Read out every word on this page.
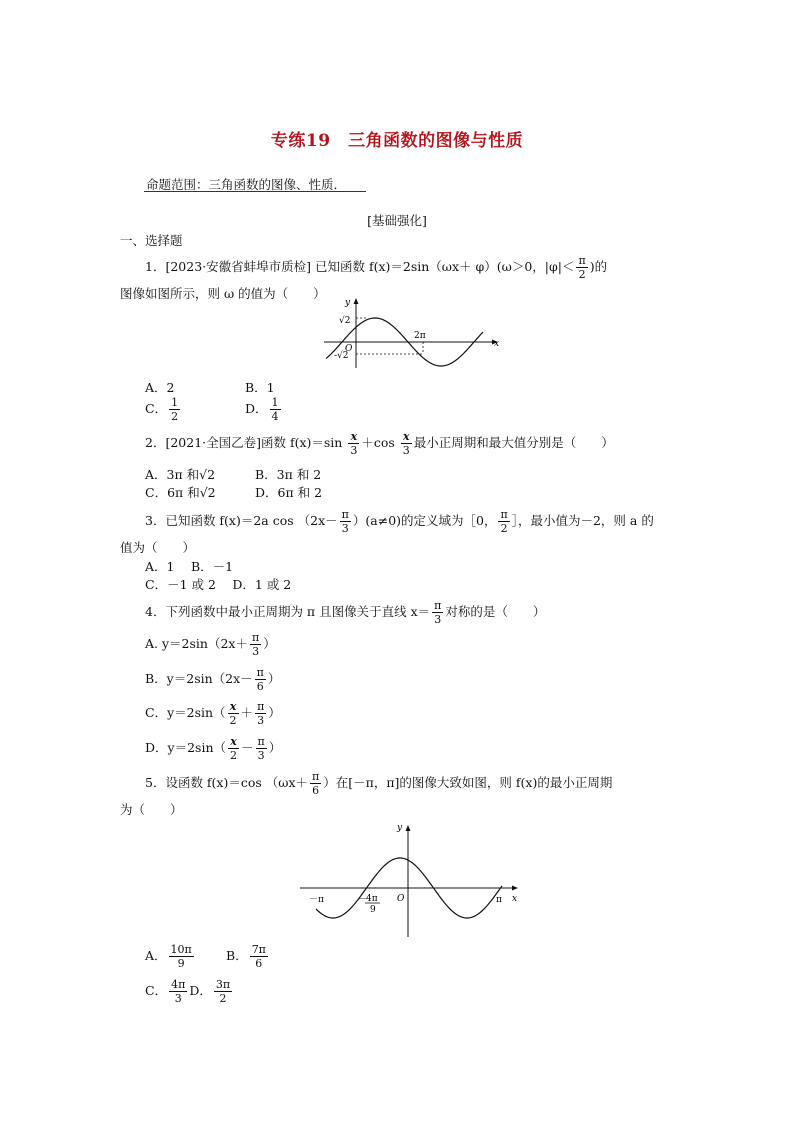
专练19　三角函数的图像与性质
命题范围：三角函数的图像、性质．
[基础强化]
一、选择题
1．[2023·安徽省蚌埠市质检] 已知函数 f(x)＝2sin（ωx＋ φ）(ω＞0，$|\varphi|< \frac{\pi}{2}$ )的
图像如图所示，则 ω 的值为（　　）
y
x
O
√2
-√2
2π
A．2	B．1
C． $\frac{1}{2}$	D． $\frac{1}{4}$
2．[2021·全国乙卷]函数 $f(x)=\sin \frac{x}{3} +\cos \frac{x}{3}$ 最小正周期和最大值分别是（　　）
A．3π 和√2	B．3π 和 2
C．6π 和√2	D．6π 和 2
3．已知函数 f(x)＝2a $\cos (2x- \frac{\pi}{3} )(a\ne 0)$的定义域为［0， $\frac{\pi}{2}$ ］，最小值为－2，则 a 的
值为（　　）
A．1　 B．－1
C．－1 或 2　 D．1 或 2
4．下列函数中最小正周期为 π 且图像关于直线 $x= \frac{\pi}{3}$ 对称的是（　　）
A. $y=2\sin(2x+ \frac{\pi}{3}$ ）
B．$y=2\sin(2x- \frac{\pi}{6}$ ）
C．$y=2\sin( \frac{x}{2} + \frac{\pi}{3}$ ）
D．$y=2\sin( \frac{x}{2} - \frac{\pi}{3}$ ）
5．设函数 f(x)＝cos （$\omega x+ \frac{\pi}{6}$ ）在[－π，π]的图像大致如图，则 f(x)的最小正周期
为（　　）
y
x
O
－π	π
－
4π
9
A． $\frac{10\pi}{9}$	B． $\frac{7\pi}{6}$
C． $\frac{4\pi}{3}$ D． $\frac{3\pi}{2}$
